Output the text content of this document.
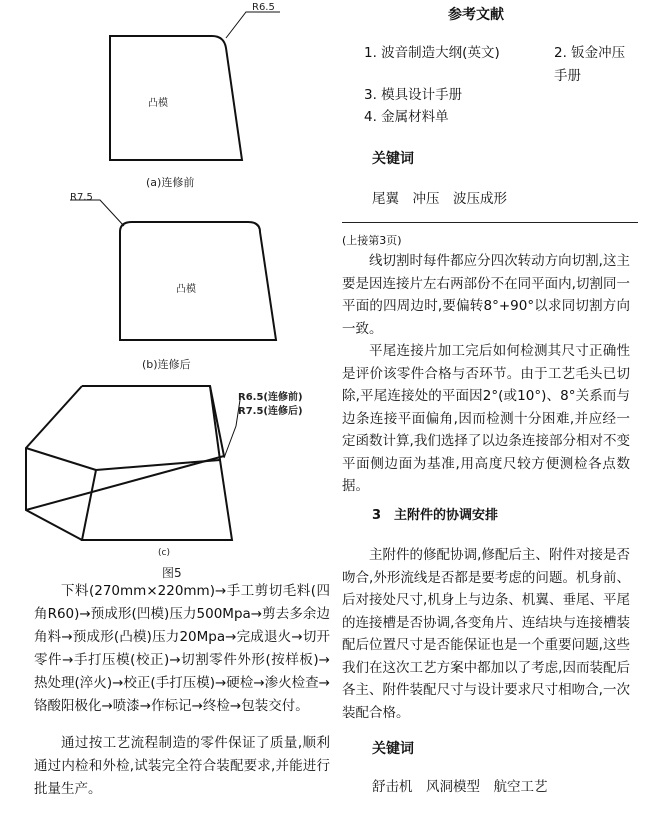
凸模
R6.5
(a)连修前
凸模
R7.5
(b)连修后
R6.5(连修前)
R7.5(连修后)
(c)
图5

下料(270mm×220mm)→手工剪切毛料(四角R60)→预成形(凹模)压力500Mpa→剪去多余边角料→预成形(凸模)压力20Mpa→完成退火→切开零件→手打压模(校正)→切割零件外形(按样板)→热处理(淬火)→校正(手打压模)→硬检→渗火检查→铬酸阳极化→喷漆→作标记→终检→包装交付。

通过按工艺流程制造的零件保证了质量,顺利通过内检和外检,试装完全符合装配要求,并能进行批量生产。

参考文献
1. 波音制造大纲(英文)	2. 钣金冲压手册
3. 模具设计手册
4. 金属材料单
关键词
尾翼　冲压　波压成形
(上接第3页)

线切割时每件都应分四次转动方向切割,这主要是因连接片左右两部份不在同平面内,切割同一平面的四周边时,要偏转8°+90°以求同切割方向一致。

平尾连接片加工完后如何检测其尺寸正确性是评价该零件合格与否环节。由于工艺毛头已切除,平尾连接处的平面因2°(或10°)、8°关系而与边条连接平面偏角,因而检测十分困难,并应经一定函数计算,我们选择了以边条连接部分相对不变平面侧边面为基准,用高度尺较方便测检各点数据。

3　主附件的协调安排

主附件的修配协调,修配后主、附件对接是否吻合,外形流线是否都是要考虑的问题。机身前、后对接处尺寸,机身上与边条、机翼、垂尾、平尾的连接槽是否协调,各变角片、连结块与连接槽装配后位置尺寸是否能保证也是一个重要问题,这些我们在这次工艺方案中都加以了考虑,因而装配后各主、附件装配尺寸与设计要求尺寸相吻合,一次装配合格。

关键词
舒击机　风洞模型　航空工艺
